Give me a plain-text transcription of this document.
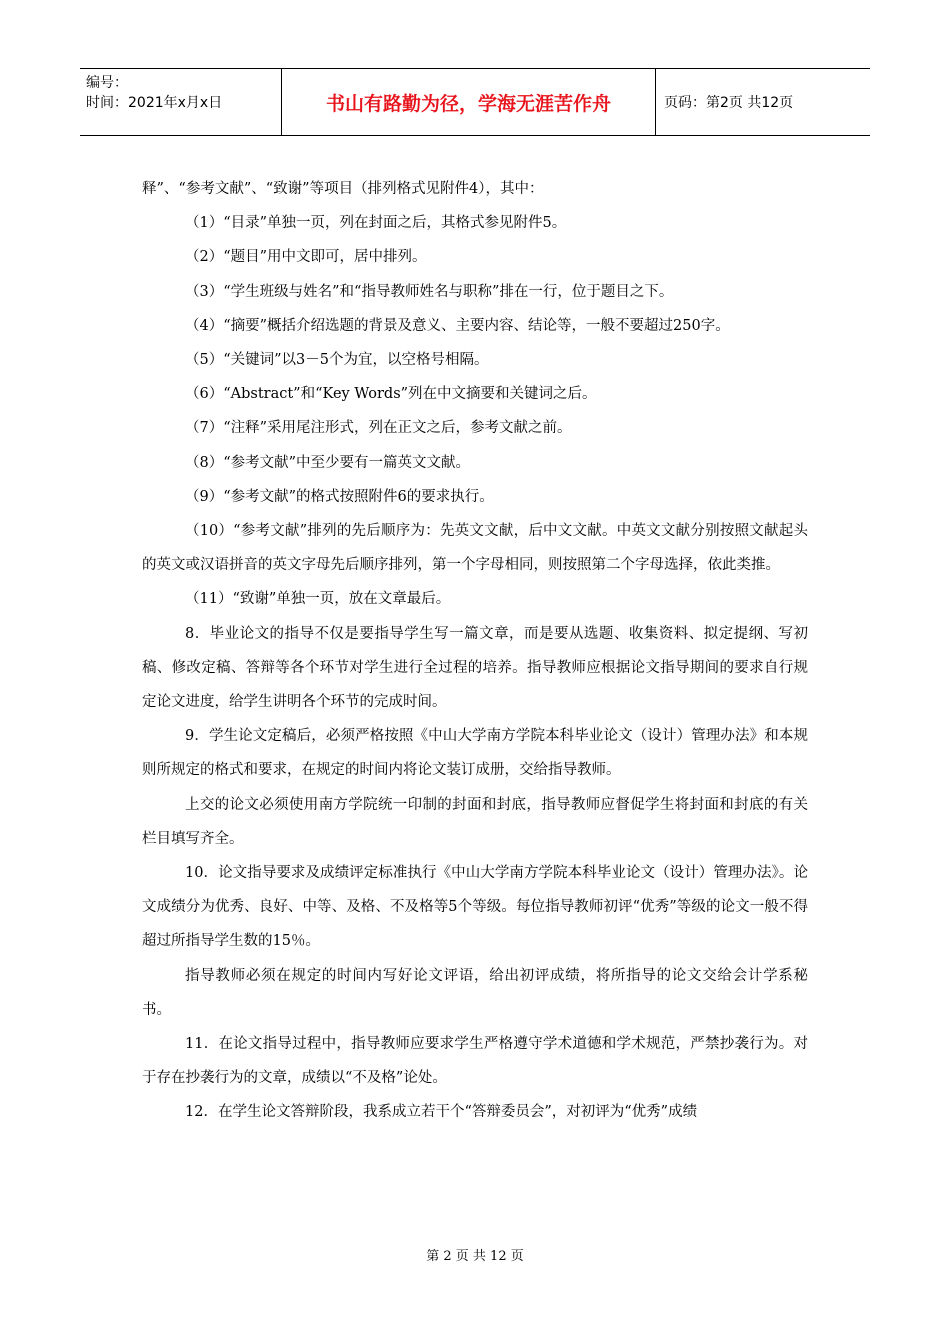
编号：
时间：2021年x月x日	书山有路勤为径，学海无涯苦作舟	页码：第2页 共12页

释”、“参考文献”、“致谢”等项目（排列格式见附件4），其中：

（1）“目录”单独一页，列在封面之后，其格式参见附件5。

（2）“题目”用中文即可，居中排列。

（3）“学生班级与姓名”和“指导教师姓名与职称”排在一行，位于题目之下。

（4）“摘要”概括介绍选题的背景及意义、主要内容、结论等，一般不要超过250字。

（5）“关键词”以3－5个为宜，以空格号相隔。

（6）“Abstract”和“Key Words”列在中文摘要和关键词之后。

（7）“注释”采用尾注形式，列在正文之后，参考文献之前。

（8）“参考文献”中至少要有一篇英文文献。

（9）“参考文献”的格式按照附件6的要求执行。

（10）“参考文献”排列的先后顺序为：先英文文献，后中文文献。中英文文献分别按照文献起头的英文或汉语拼音的英文字母先后顺序排列，第一个字母相同，则按照第二个字母选择，依此类推。

（11）“致谢”单独一页，放在文章最后。

8．毕业论文的指导不仅是要指导学生写一篇文章，而是要从选题、收集资料、拟定提纲、写初稿、修改定稿、答辩等各个环节对学生进行全过程的培养。指导教师应根据论文指导期间的要求自行规定论文进度，给学生讲明各个环节的完成时间。

9．学生论文定稿后，必须严格按照《中山大学南方学院本科毕业论文（设计）管理办法》和本规则所规定的格式和要求，在规定的时间内将论文装订成册，交给指导教师。

上交的论文必须使用南方学院统一印制的封面和封底，指导教师应督促学生将封面和封底的有关栏目填写齐全。

10．论文指导要求及成绩评定标准执行《中山大学南方学院本科毕业论文（设计）管理办法》。论文成绩分为优秀、良好、中等、及格、不及格等5个等级。每位指导教师初评“优秀”等级的论文一般不得超过所指导学生数的15％。

指导教师必须在规定的时间内写好论文评语，给出初评成绩，将所指导的论文交给会计学系秘书。

11．在论文指导过程中，指导教师应要求学生严格遵守学术道德和学术规范，严禁抄袭行为。对于存在抄袭行为的文章，成绩以“不及格”论处。

12．在学生论文答辩阶段，我系成立若干个“答辩委员会”，对初评为“优秀”成绩

第 2 页 共 12 页
